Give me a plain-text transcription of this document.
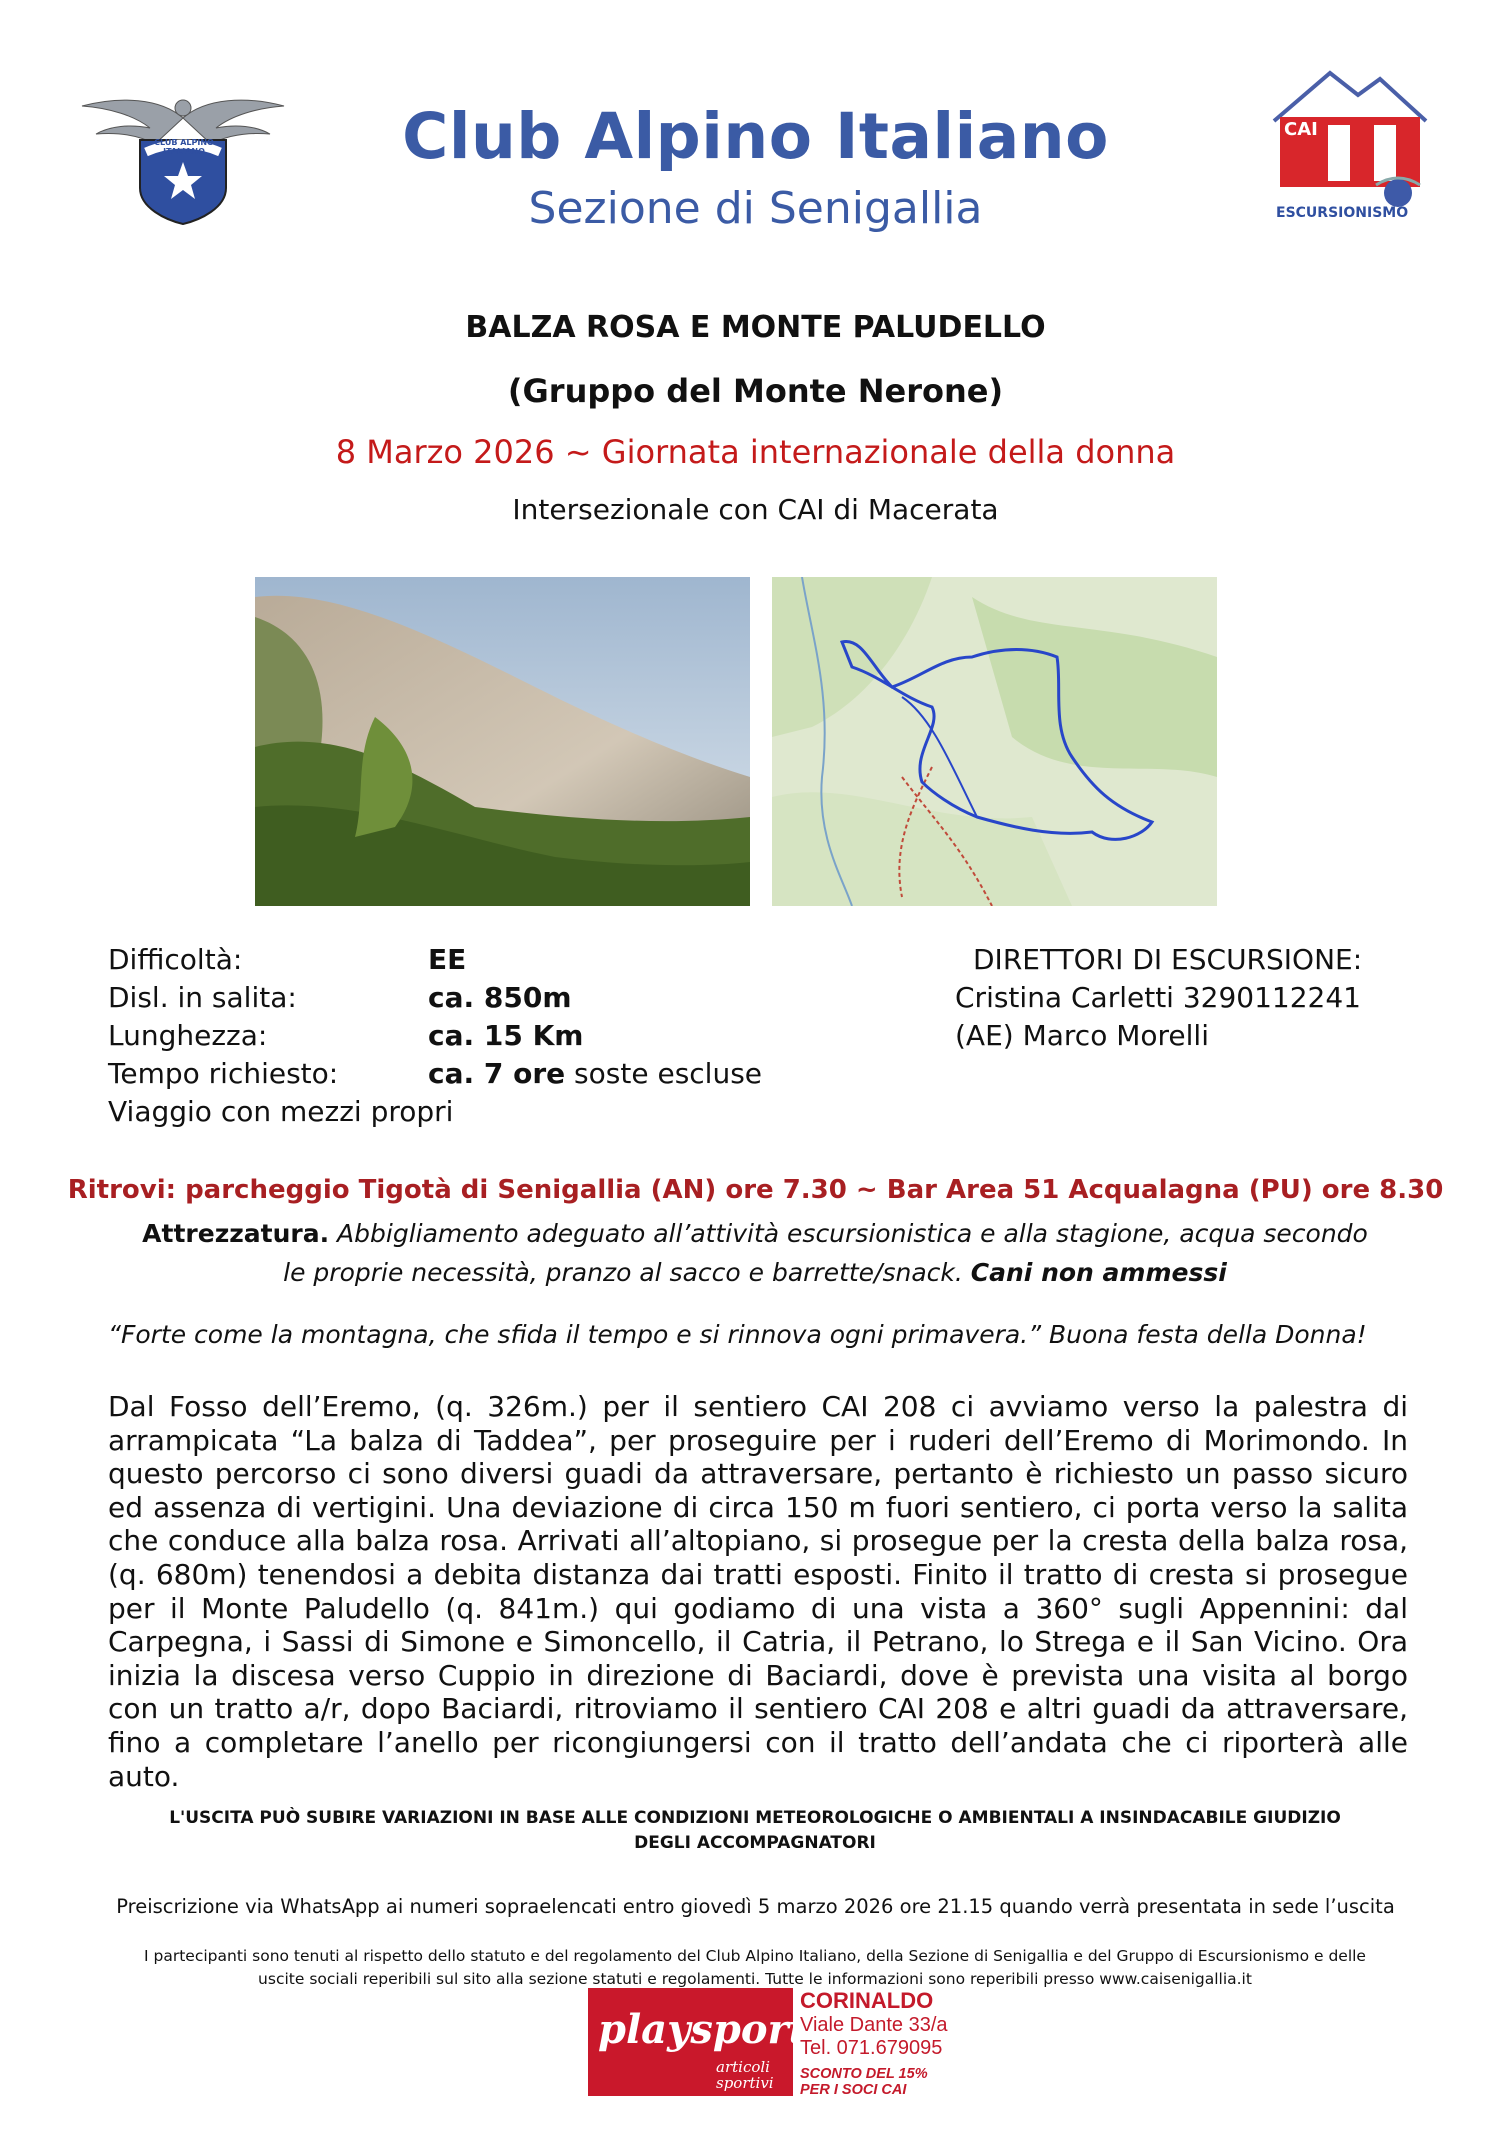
CLUB ALPINO ITALIANO
CAI
ESCURSIONISMO
Club Alpino Italiano
Sezione di Senigallia
BALZA ROSA E MONTE PALUDELLO
(Gruppo del Monte Nerone)
8 Marzo 2026 ~ Giornata internazionale della donna
Intersezionale con CAI di Macerata
Difficoltà:	EE
Disl. in salita:	ca. 850m
Lunghezza:	ca. 15 Km
Tempo richiesto:	ca. 7 ore soste escluse
Viaggio con mezzi propri
DIRETTORI DI ESCURSIONE:
Cristina Carletti 3290112241
(AE) Marco Morelli
Ritrovi: parcheggio Tigotà di Senigallia (AN) ore 7.30 ~ Bar Area 51 Acqualagna (PU) ore 8.30
Attrezzatura. Abbigliamento adeguato all’attività escursionistica e alla stagione, acqua secondo le proprie necessità, pranzo al sacco e barrette/snack. Cani non ammessi
“Forte come la montagna, che sfida il tempo e si rinnova ogni primavera.” Buona festa della Donna!
Dal Fosso dell’Eremo, (q. 326m.) per il sentiero CAI 208 ci avviamo verso la palestra di arrampicata “La balza di Taddea”, per proseguire per i ruderi dell’Eremo di Morimondo. In questo percorso ci sono diversi guadi da attraversare, pertanto è richiesto un passo sicuro ed assenza di vertigini. Una deviazione di circa 150 m fuori sentiero, ci porta verso la salita che conduce alla balza rosa. Arrivati all’altopiano, si prosegue per la cresta della balza rosa, (q. 680m) tenendosi a debita distanza dai tratti esposti. Finito il tratto di cresta si prosegue per il Monte Paludello (q. 841m.) qui godiamo di una vista a 360° sugli Appennini: dal Carpegna, i Sassi di Simone e Simoncello, il Catria, il Petrano, lo Strega e il San Vicino. Ora inizia la discesa verso Cuppio in direzione di Baciardi, dove è prevista una visita al borgo con un tratto a/r, dopo Baciardi, ritroviamo il sentiero CAI 208 e altri guadi da attraversare, fino a completare l’anello per ricongiungersi con il tratto dell’andata che ci riporterà alle auto.
L'USCITA PUÒ SUBIRE VARIAZIONI IN BASE ALLE CONDIZIONI METEOROLOGICHE O AMBIENTALI A INSINDACABILE GIUDIZIO DEGLI ACCOMPAGNATORI
Preiscrizione via WhatsApp ai numeri sopraelencati entro giovedì 5 marzo 2026 ore 21.15 quando verrà presentata in sede l’uscita
I partecipanti sono tenuti al rispetto dello statuto e del regolamento del Club Alpino Italiano, della Sezione di Senigallia e del Gruppo di Escursionismo e delle uscite sociali reperibili sul sito alla sezione statuti e regolamenti. Tutte le informazioni sono reperibili presso www.caisenigallia.it
playsport
articoli
sportivi
CORINALDO
Viale Dante 33/a
Tel. 071.679095
SCONTO DEL 15%
PER I SOCI CAI
